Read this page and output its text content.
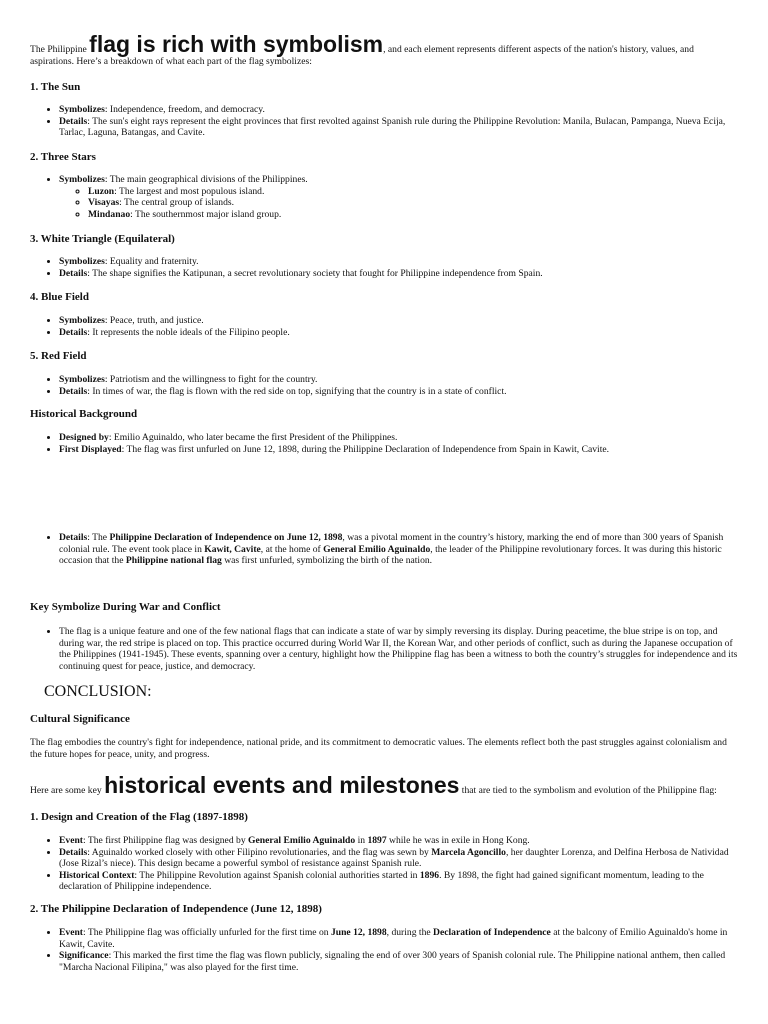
The Philippine flag is rich with symbolism, and each element represents different aspects of the nation's history, values, and aspirations. Here’s a breakdown of what each part of the flag symbolizes:

1. The Sun
• Symbolizes: Independence, freedom, and democracy.
• Details: The sun's eight rays represent the eight provinces that first revolted against Spanish rule during the Philippine Revolution: Manila, Bulacan, Pampanga, Nueva Ecija, Tarlac, Laguna, Batangas, and Cavite.
2. Three Stars
• Symbolizes: The main geographical divisions of the Philippines.
◦ Luzon: The largest and most populous island.
◦ Visayas: The central group of islands.
◦ Mindanao: The southernmost major island group.
3. White Triangle (Equilateral)
• Symbolizes: Equality and fraternity.
• Details: The shape signifies the Katipunan, a secret revolutionary society that fought for Philippine independence from Spain.
4. Blue Field
• Symbolizes: Peace, truth, and justice.
• Details: It represents the noble ideals of the Filipino people.
5. Red Field
• Symbolizes: Patriotism and the willingness to fight for the country.
• Details: In times of war, the flag is flown with the red side on top, signifying that the country is in a state of conflict.
Historical Background
• Designed by: Emilio Aguinaldo, who later became the first President of the Philippines.
• First Displayed: The flag was first unfurled on June 12, 1898, during the Philippine Declaration of Independence from Spain in Kawit, Cavite.
• Details: The Philippine Declaration of Independence on June 12, 1898, was a pivotal moment in the country’s history, marking the end of more than 300 years of Spanish colonial rule. The event took place in Kawit, Cavite, at the home of General Emilio Aguinaldo, the leader of the Philippine revolutionary forces. It was during this historic occasion that the Philippine national flag was first unfurled, symbolizing the birth of the nation.
Key Symbolize During War and Conflict
• The flag is a unique feature and one of the few national flags that can indicate a state of war by simply reversing its display. During peacetime, the blue stripe is on top, and during war, the red stripe is placed on top. This practice occurred during World War II, the Korean War, and other periods of conflict, such as during the Japanese occupation of the Philippines (1941-1945). These events, spanning over a century, highlight how the Philippine flag has been a witness to both the country’s struggles for independence and its continuing quest for peace, justice, and democracy.
CONCLUSION:
Cultural Significance

The flag embodies the country's fight for independence, national pride, and its commitment to democratic values. The elements reflect both the past struggles against colonialism and the future hopes for peace, unity, and progress.

Here are some key historical events and milestones that are tied to the symbolism and evolution of the Philippine flag:

1. Design and Creation of the Flag (1897-1898)
• Event: The first Philippine flag was designed by General Emilio Aguinaldo in 1897 while he was in exile in Hong Kong.
• Details: Aguinaldo worked closely with other Filipino revolutionaries, and the flag was sewn by Marcela Agoncillo, her daughter Lorenza, and Delfina Herbosa de Natividad (Jose Rizal’s niece). This design became a powerful symbol of resistance against Spanish rule.
• Historical Context: The Philippine Revolution against Spanish colonial authorities started in 1896. By 1898, the fight had gained significant momentum, leading to the declaration of Philippine independence.
2. The Philippine Declaration of Independence (June 12, 1898)
• Event: The Philippine flag was officially unfurled for the first time on June 12, 1898, during the Declaration of Independence at the balcony of Emilio Aguinaldo's home in Kawit, Cavite.
• Significance: This marked the first time the flag was flown publicly, signaling the end of over 300 years of Spanish colonial rule. The Philippine national anthem, then called "Marcha Nacional Filipina," was also played for the first time.
